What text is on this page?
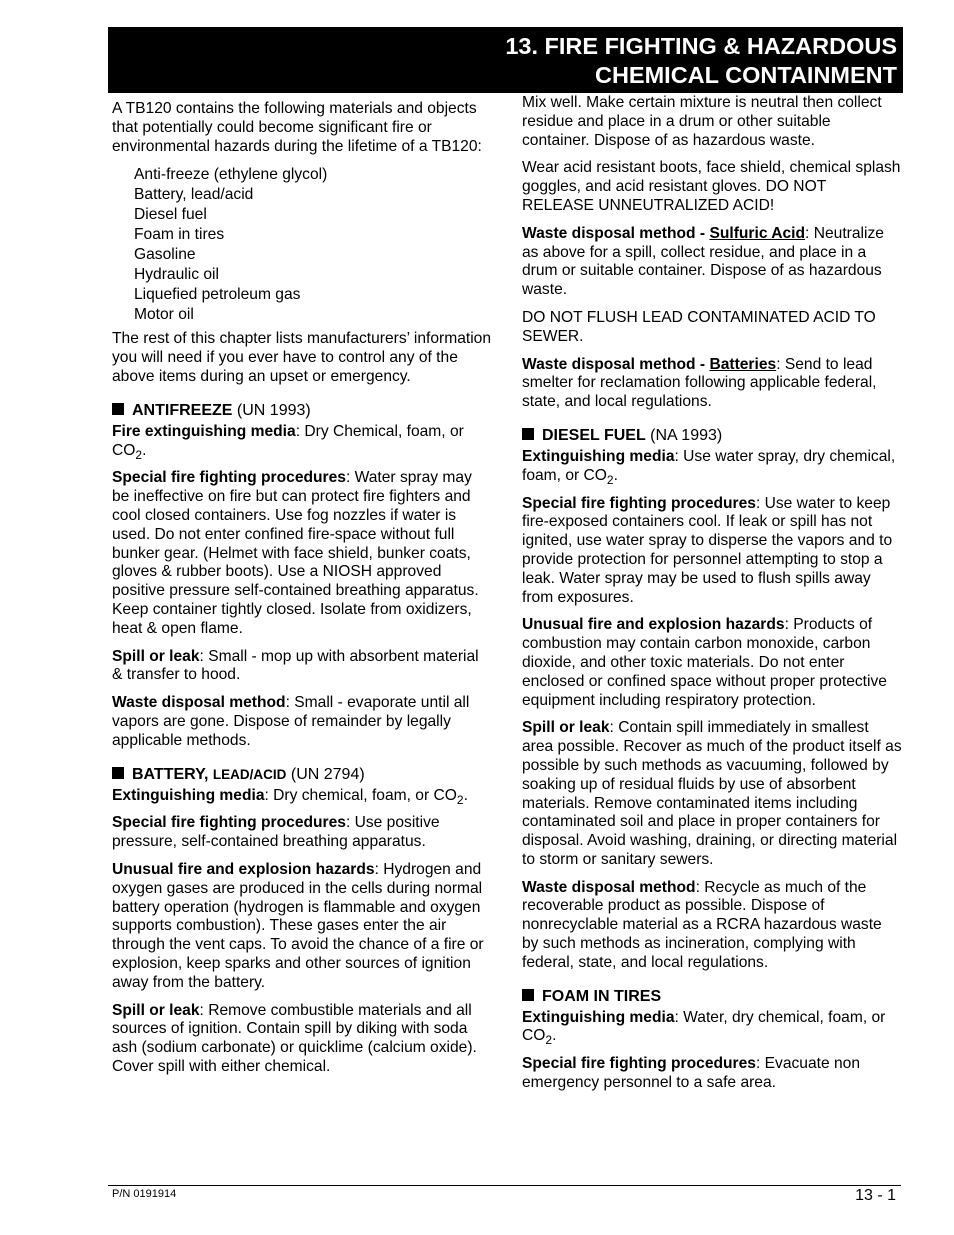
13. FIRE FIGHTING & HAZARDOUS
CHEMICAL CONTAINMENT

A TB120 contains the following materials and objects that potentially could become significant fire or environmental hazards during the lifetime of a TB120:

Anti-freeze (ethylene glycol)
Battery, lead/acid
Diesel fuel
Foam in tires
Gasoline
Hydraulic oil
Liquefied petroleum gas
Motor oil

The rest of this chapter lists manufacturers’ information you will need if you ever have to control any of the above items during an upset or emergency.

ANTIFREEZE (UN 1993)

Fire extinguishing media: Dry Chemical, foam, or $CO_2$.

Special fire fighting procedures: Water spray may be ineffective on fire but can protect fire fighters and cool closed containers. Use fog nozzles if water is used. Do not enter confined fire-space without full bunker gear. (Helmet with face shield, bunker coats, gloves & rubber boots). Use a NIOSH approved positive pressure self-contained breathing apparatus. Keep container tightly closed. Isolate from oxidizers, heat & open flame.

Spill or leak: Small - mop up with absorbent material & transfer to hood.

Waste disposal method: Small - evaporate until all vapors are gone. Dispose of remainder by legally applicable methods.

BATTERY, LEAD/ACID (UN 2794)

Extinguishing media: Dry chemical, foam, or $CO_2$.

Special fire fighting procedures: Use positive pressure, self-contained breathing apparatus.

Unusual fire and explosion hazards: Hydrogen and oxygen gases are produced in the cells during normal battery operation (hydrogen is flammable and oxygen supports combustion). These gases enter the air through the vent caps. To avoid the chance of a fire or explosion, keep sparks and other sources of ignition away from the battery.

Spill or leak: Remove combustible materials and all sources of ignition. Contain spill by diking with soda ash (sodium carbonate) or quicklime (calcium oxide). Cover spill with either chemical.

Mix well. Make certain mixture is neutral then collect residue and place in a drum or other suitable container. Dispose of as hazardous waste.

Wear acid resistant boots, face shield, chemical splash goggles, and acid resistant gloves. DO NOT RELEASE UNNEUTRALIZED ACID!

Waste disposal method - Sulfuric Acid: Neutralize as above for a spill, collect residue, and place in a drum or suitable container. Dispose of as hazardous waste.

DO NOT FLUSH LEAD CONTAMINATED ACID TO SEWER.

Waste disposal method - Batteries: Send to lead smelter for reclamation following applicable federal, state, and local regulations.

DIESEL FUEL (NA 1993)

Extinguishing media: Use water spray, dry chemical, foam, or $CO_2$.

Special fire fighting procedures: Use water to keep fire-exposed containers cool. If leak or spill has not ignited, use water spray to disperse the vapors and to provide protection for personnel attempting to stop a leak. Water spray may be used to flush spills away from exposures.

Unusual fire and explosion hazards: Products of combustion may contain carbon monoxide, carbon dioxide, and other toxic materials. Do not enter enclosed or confined space without proper protective equipment including respiratory protection.

Spill or leak: Contain spill immediately in smallest area possible. Recover as much of the product itself as possible by such methods as vacuuming, followed by soaking up of residual fluids by use of absorbent materials. Remove contaminated items including contaminated soil and place in proper containers for disposal. Avoid washing, draining, or directing material to storm or sanitary sewers.

Waste disposal method: Recycle as much of the recoverable product as possible. Dispose of nonrecyclable material as a RCRA hazardous waste by such methods as incineration, complying with federal, state, and local regulations.

FOAM IN TIRES

Extinguishing media: Water, dry chemical, foam, or $CO_2$.

Special fire fighting procedures: Evacuate non emergency personnel to a safe area.

P/N 0191914	13 - 1
